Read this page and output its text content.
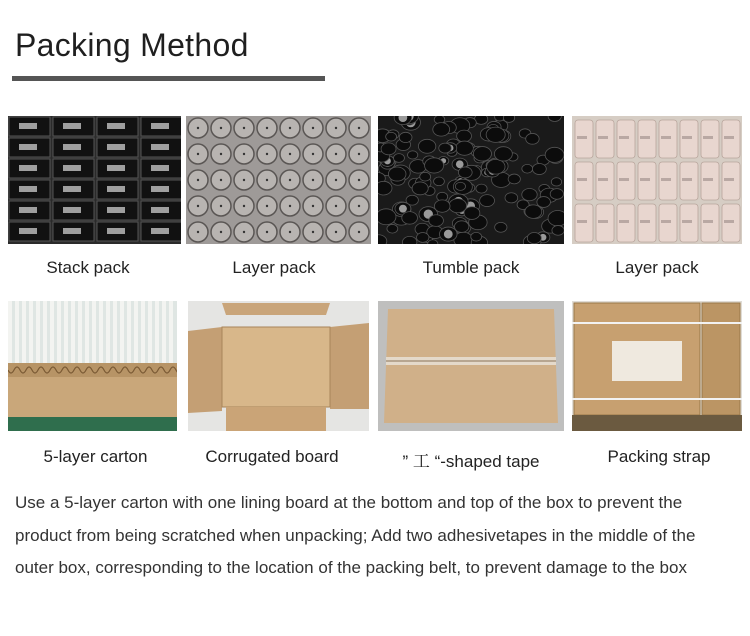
Packing Method
Stack pack	Layer pack	Tumble pack	Layer pack
5-layer carton	Corrugated board	” 工 “-shaped tape	Packing strap

Use a 5-layer carton with one lining board at the bottom and top of the box to prevent the product from being scratched when unpacking; Add two adhesivetapes in the middle of the outer box, corresponding to the location of the packing belt, to prevent damage to the box
